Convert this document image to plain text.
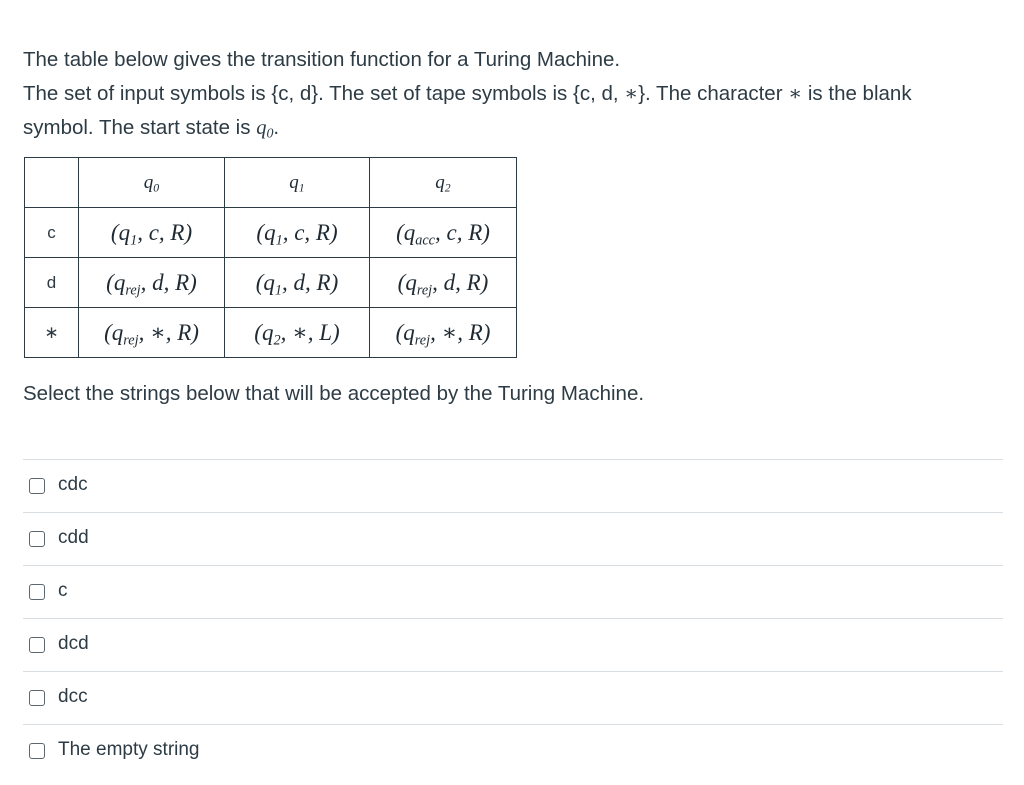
The table below gives the transition function for a Turing Machine.

The set of input symbols is {c, d}. The set of tape symbols is {c, d, ∗}. The character ∗ is the blank

symbol. The start state is $q_0$.

	$q_0$	$q_1$	$q_2$
c	($q_1$, c, R)	($q_1$, c, R)	($q_{acc}$, c, R)
d	($q_{rej}$, d, R)	($q_1$, d, R)	($q_{rej}$, d, R)
∗	($q_{rej}$, ∗, R)	($q_2$, ∗, L)	($q_{rej}$, ∗, R)

Select the strings below that will be accepted by the Turing Machine.

cdc
cdd
c
dcd
dcc
The empty string
